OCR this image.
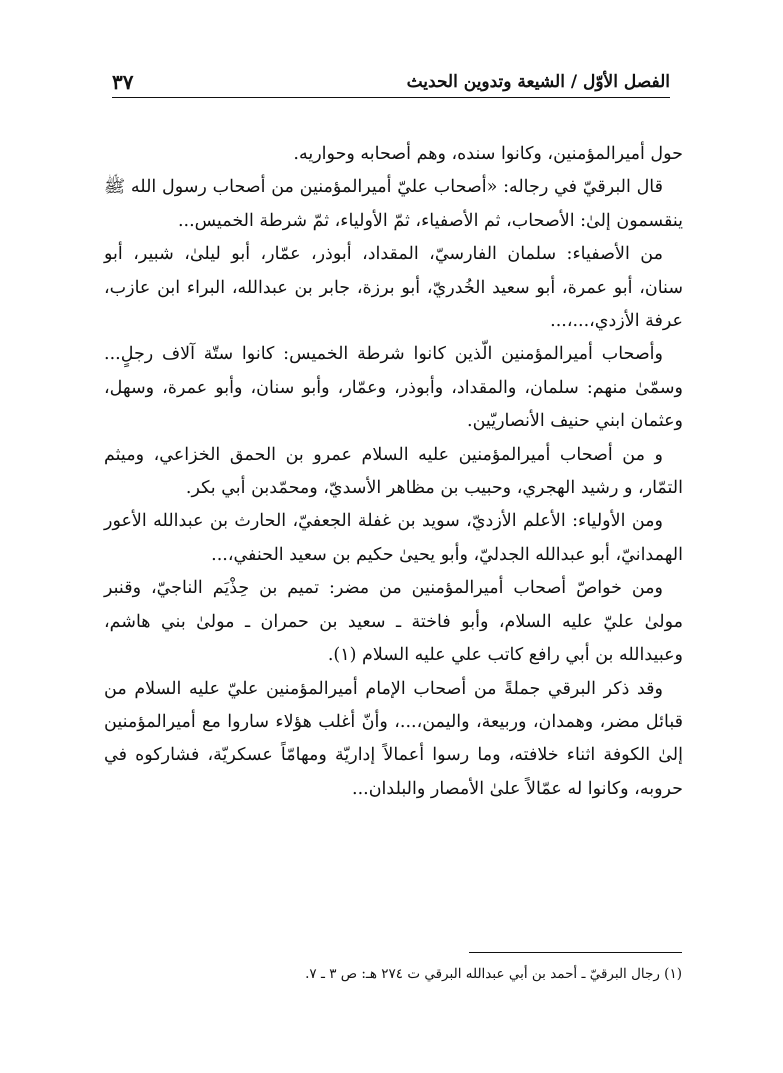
الفصل الأوّل / الشيعة وتدوين الحديث
٣٧

حول أميرالمؤمنين، وكانوا سنده، وهم أصحابه وحواريه.

قال البرقيّ في رجاله: «أصحاب عليّ أميرالمؤمنين من أصحاب رسول الله ﷺ ينقسمون إلىٰ: الأصحاب، ثم الأصفياء، ثمّ الأولياء، ثمّ شرطة الخميس...

من الأصفياء: سلمان الفارسيّ، المقداد، أبوذر، عمّار، أبو ليلىٰ، شبير، أبو سنان، أبو عمرة، أبو سعيد الخُدريّ، أبو برزة، جابر بن عبدالله، البراء ابن عازب، عرفة الأزدي،...،...

وأصحاب أميرالمؤمنين الّذين كانوا شرطة الخميس: كانوا ستّة آلاف رجلٍ... وسمّىٰ منهم: سلمان، والمقداد، وأبوذر، وعمّار، وأبو سنان، وأبو عمرة، وسهل، وعثمان ابني حنيف الأنصاريّين.

و من أصحاب أميرالمؤمنين عليه السلام عمرو بن الحمق الخزاعي، وميثم التمّار، و رشيد الهجري، وحبيب بن مظاهر الأسديّ، ومحمّدبن أبي بكر.

ومن الأولياء: الأعلم الأزديّ، سويد بن غفلة الجعفيّ، الحارث بن عبدالله الأعور الهمدانيّ، أبو عبدالله الجدليّ، وأبو يحيىٰ حكيم بن سعيد الحنفي،...

ومن خواصّ أصحاب أميرالمؤمنين من مضر: تميم بن حِذْيَم الناجيّ، وقنبر مولىٰ عليّ عليه السلام، وأبو فاختة ـ سعيد بن حمران ـ مولىٰ بني هاشم، وعبيدالله بن أبي رافع كاتب علي عليه السلام (١).

وقد ذكر البرقي جملةً من أصحاب الإمام أميرالمؤمنين عليّ عليه السلام من قبائل مضر، وهمدان، وربيعة، واليمن،...، وأنّ أغلب هؤلاء ساروا مع أميرالمؤمنين إلىٰ الكوفة اثناء خلافته، وما رسوا أعمالاً إداريّة ومهامّاً عسكريّة، فشاركوه في حروبه، وكانوا له عمّالاً علىٰ الأمصار والبلدان...

(١) رجال البرقيّ ـ أحمد بن أبي عبدالله البرقي ت ٢٧٤ هـ: ص ٣ ـ ٧.
